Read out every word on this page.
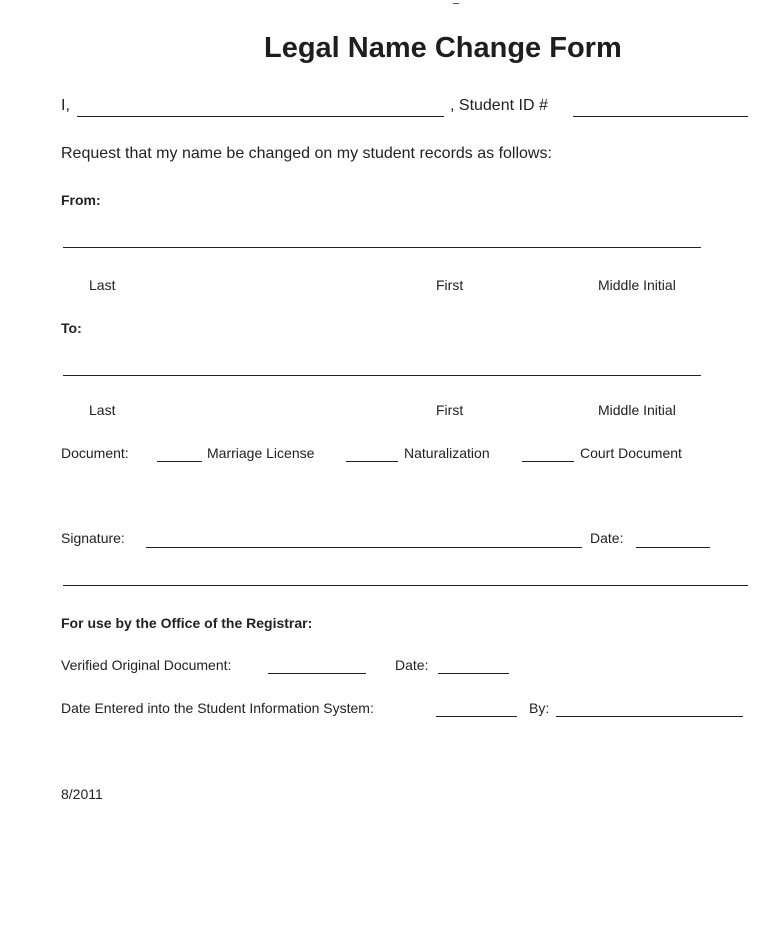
Legal Name Change Form
I,	, Student ID #
Request that my name be changed on my student records as follows:
From:
Last	First	Middle Initial
To:
Last	First	Middle Initial
Document:	Marriage License	Naturalization	Court Document
Signature:	Date:
For use by the Office of the Registrar:
Verified Original Document:	Date:
Date Entered into the Student Information System:	By:
8/2011
